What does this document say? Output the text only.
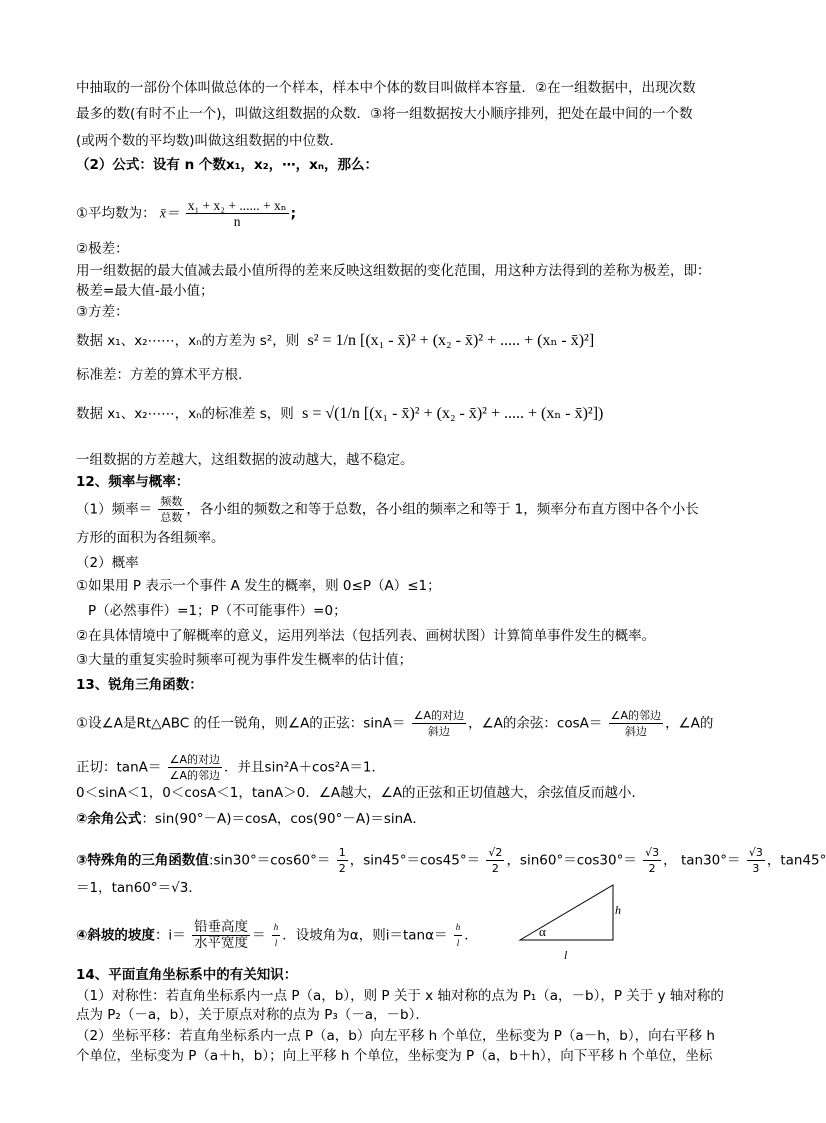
中抽取的一部份个体叫做总体的一个样本，样本中个体的数目叫做样本容量．②在一组数据中，出现次数
最多的数(有时不止一个)，叫做这组数据的众数．③将一组数据按大小顺序排列，把处在最中间的一个数
(或两个数的平均数)叫做这组数据的中位数．
（2）公式：设有 n 个数x₁，x₂，⋯，xₙ，那么：
①平均数为： x̄＝ $\frac{\text{x₁ + x₂ + ...... + xₙ}}{n}$ ;
②极差：
用一组数据的最大值减去最小值所得的差来反映这组数据的变化范围，用这种方法得到的差称为极差，即：
极差=最大值-最小值；
③方差：
数据 x₁、x₂⋯⋯，xₙ的方差为 s²，则 s² = 1/n [(x₁ - x̄)² + (x₂ - x̄)² + ..... + (xₙ - x̄)²]
标准差：方差的算术平方根.
数据 x₁、x₂⋯⋯，xₙ的标准差 s，则 s = √(1/n [(x₁ - x̄)² + (x₂ - x̄)² + ..... + (xₙ - x̄)²])
一组数据的方差越大，这组数据的波动越大，越不稳定。
12、频率与概率：
（1）频率＝ $\frac{\text{频数}}{\text{总数}}$ ，各小组的频数之和等于总数，各小组的频率之和等于 1，频率分布直方图中各个小长
方形的面积为各组频率。
（2）概率
①如果用 P 表示一个事件 A 发生的概率，则 0≤P（A）≤1；
P（必然事件）=1；P（不可能事件）=0；
②在具体情境中了解概率的意义，运用列举法（包括列表、画树状图）计算简单事件发生的概率。
③大量的重复实验时频率可视为事件发生概率的估计值；
13、锐角三角函数：
①设∠A是Rt△ABC 的任一锐角，则∠A的正弦：$\sin A= \frac{\text{∠A的对边}}{\text{斜边}}$ ，∠A的余弦：$\cos A= \frac{\text{∠A的邻边}}{\text{斜边}}$ ，∠A的
正切：$\tan A= \frac{\text{∠A的对边}}{\text{∠A的邻边}}$ ．并且sin²A＋cos²A＝1．
0＜sinA＜1，0＜cosA＜1，tanA＞0．∠A越大，∠A的正弦和正切值越大，余弦值反而越小．
②余角公式：sin(90°－A)＝cosA，cos(90°－A)＝sinA．
③特殊角的三角函数值:sin30°＝cos60°＝ $\frac{1}{2}$ ，$\sin 45^\circ=\cos 45^\circ= \frac{√2}{2}$ ，$\sin 60^\circ=\cos 30^\circ= \frac{√3}{2}$ ， $\tan 30^\circ= \frac{√3}{3}$ ，tan45°
＝1，tan60°＝√3．
④斜坡的坡度：$i= \frac{\text{铅垂高度}}{\text{水平宽度}} = \frac{h}{l}$ ．设坡角为α，则$i=\tan\alpha= \frac{h}{l}$ ．
h
l
α
14、平面直角坐标系中的有关知识：
（1）对称性：若直角坐标系内一点 P（a，b），则 P 关于 x 轴对称的点为 P₁（a，－b），P 关于 y 轴对称的
点为 P₂（－a，b），关于原点对称的点为 P₃（－a，－b）．
（2）坐标平移：若直角坐标系内一点 P（a，b）向左平移 h 个单位，坐标变为 P（a－h，b），向右平移 h
个单位，坐标变为 P（a＋h，b）；向上平移 h 个单位，坐标变为 P（a，b＋h），向下平移 h 个单位，坐标
